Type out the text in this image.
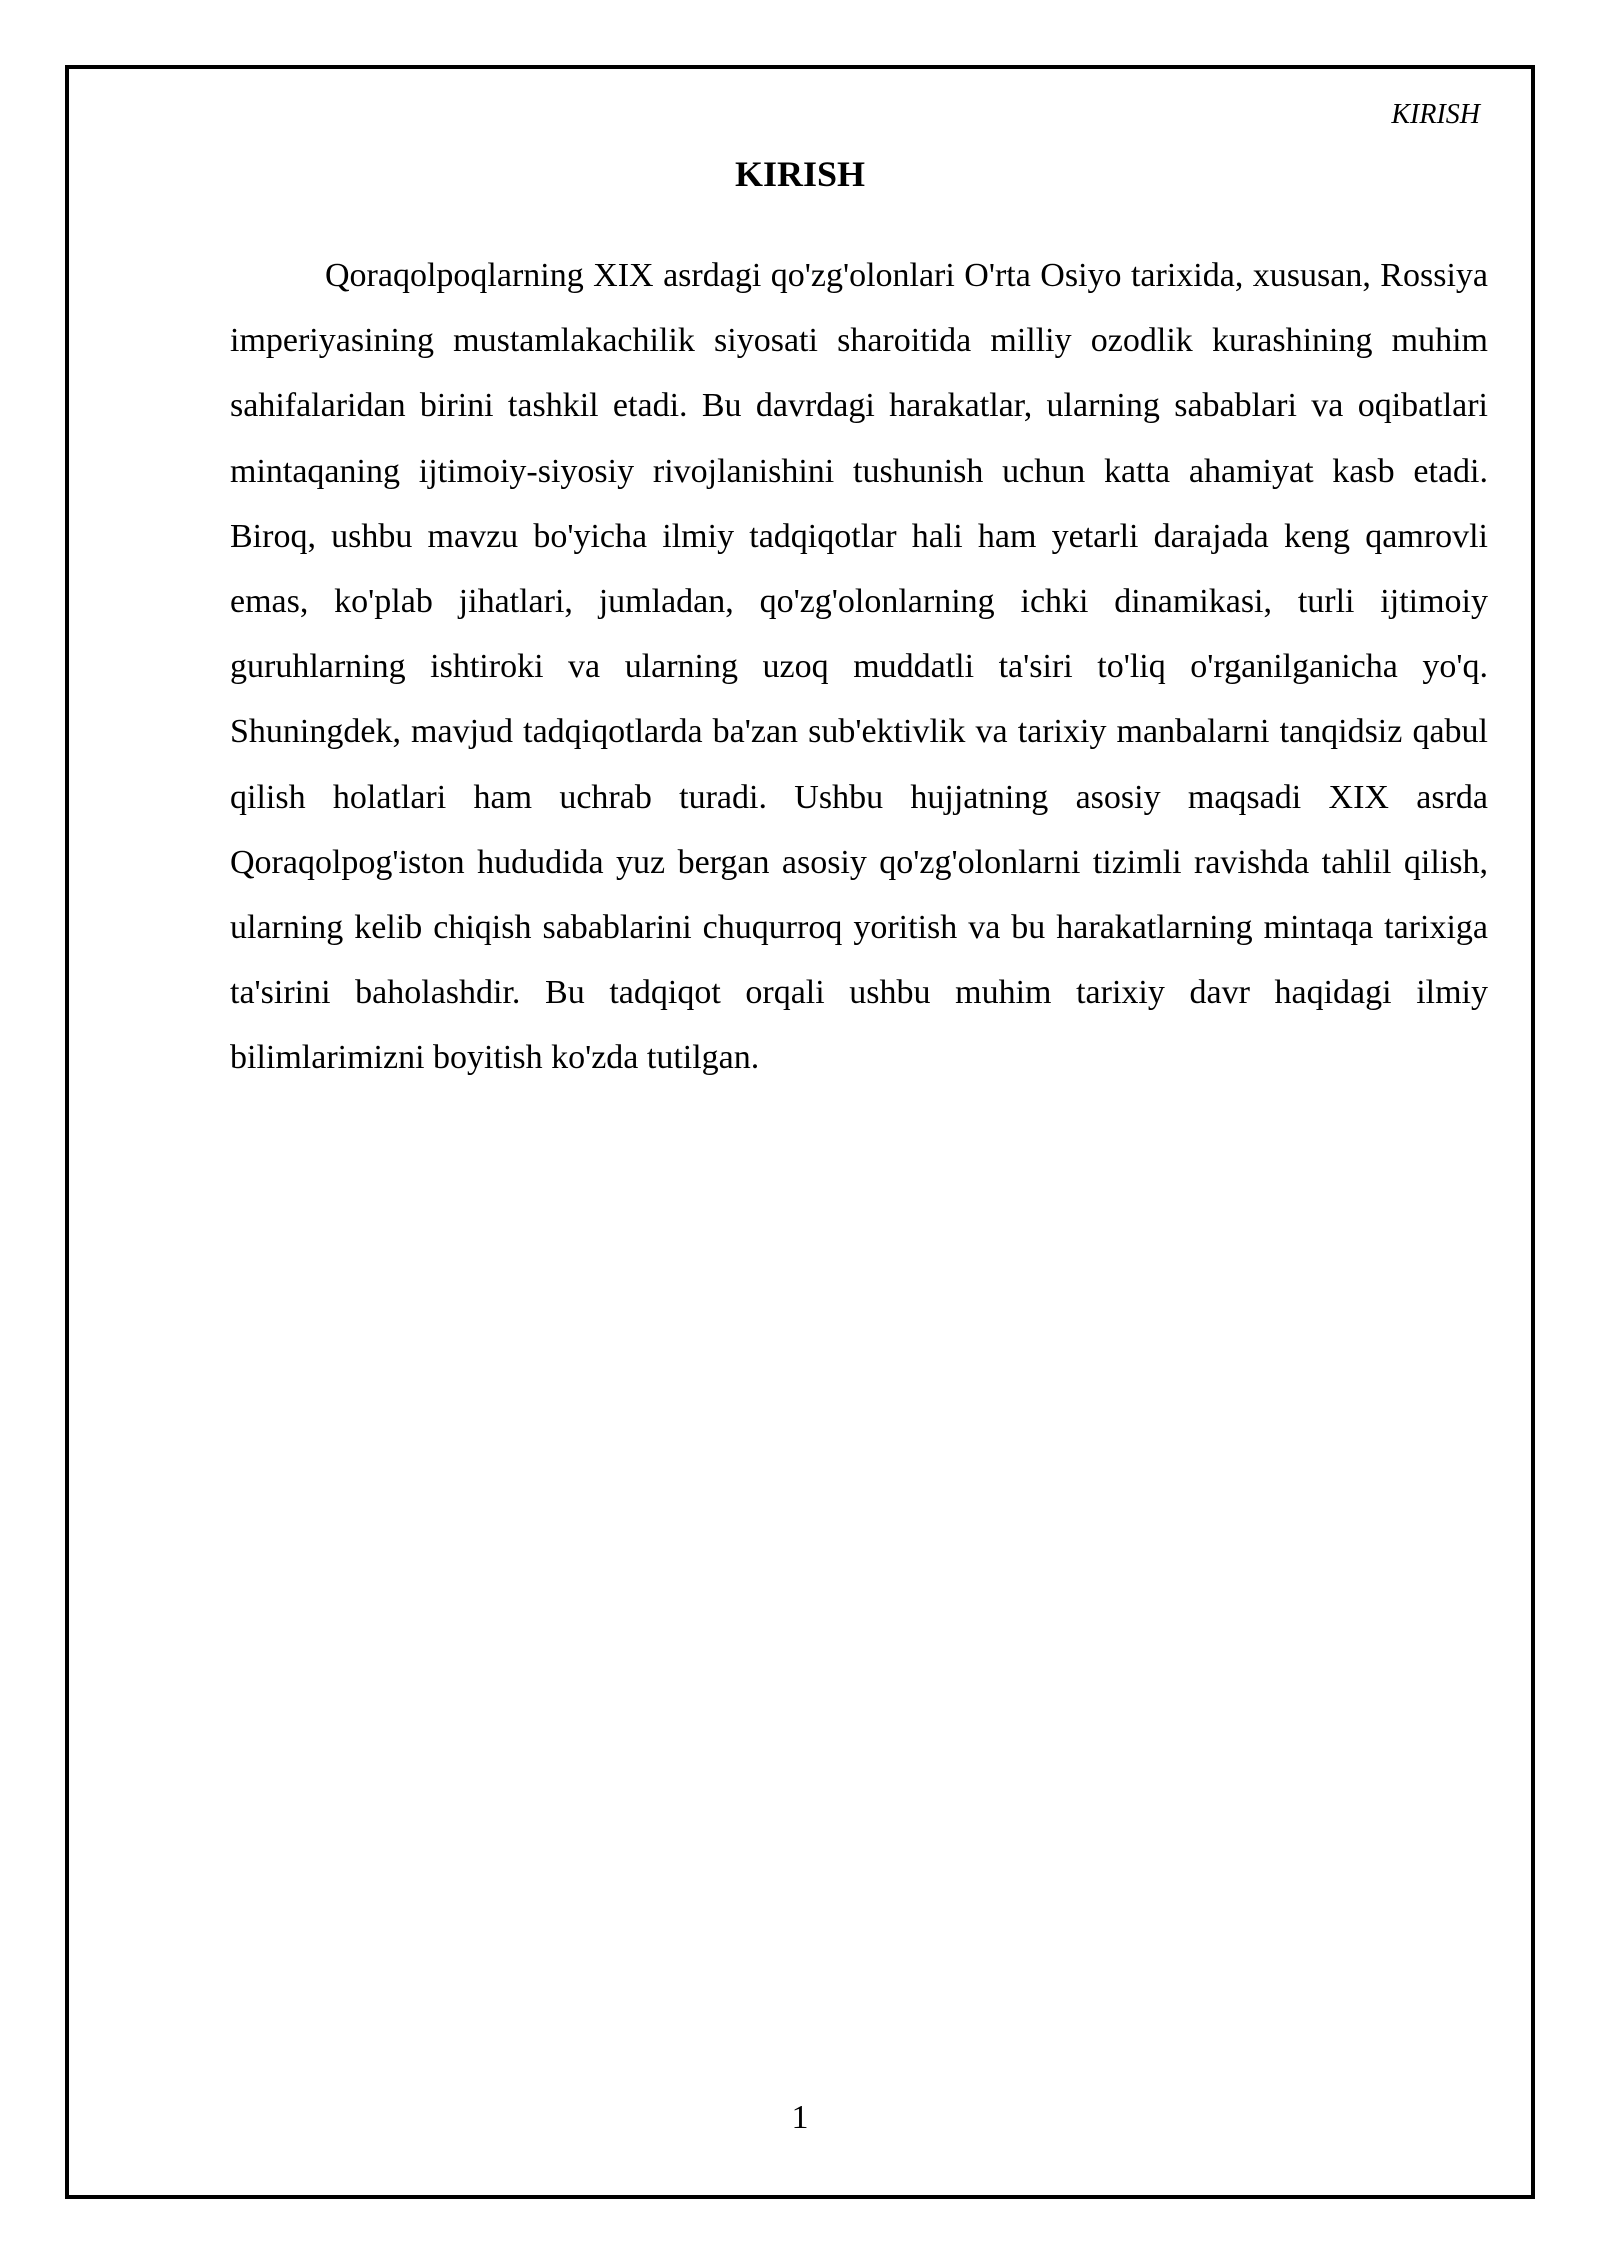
KIRISH
KIRISH

Qoraqolpoqlarning XIX asrdagi qo'zg'olonlari O'rta Osiyo tarixida, xususan, Rossiya imperiyasining mustamlakachilik siyosati sharoitida milliy ozodlik kurashining muhim sahifalaridan birini tashkil etadi. Bu davrdagi harakatlar, ularning sabablari va oqibatlari mintaqaning ijtimoiy-siyosiy rivojlanishini tushunish uchun katta ahamiyat kasb etadi. Biroq, ushbu mavzu bo'yicha ilmiy tadqiqotlar hali ham yetarli darajada keng qamrovli emas, ko'plab jihatlari, jumladan, qo'zg'olonlarning ichki dinamikasi, turli ijtimoiy guruhlarning ishtiroki va ularning uzoq muddatli ta'siri to'liq o'rganilganicha yo'q. Shuningdek, mavjud tadqiqotlarda ba'zan sub'ektivlik va tarixiy manbalarni tanqidsiz qabul qilish holatlari ham uchrab turadi. Ushbu hujjatning asosiy maqsadi XIX asrda Qoraqolpog'iston hududida yuz bergan asosiy qo'zg'olonlarni tizimli ravishda tahlil qilish, ularning kelib chiqish sabablarini chuqurroq yoritish va bu harakatlarning mintaqa tarixiga ta'sirini baholashdir. Bu tadqiqot orqali ushbu muhim tarixiy davr haqidagi ilmiy bilimlarimizni boyitish ko'zda tutilgan.

1
